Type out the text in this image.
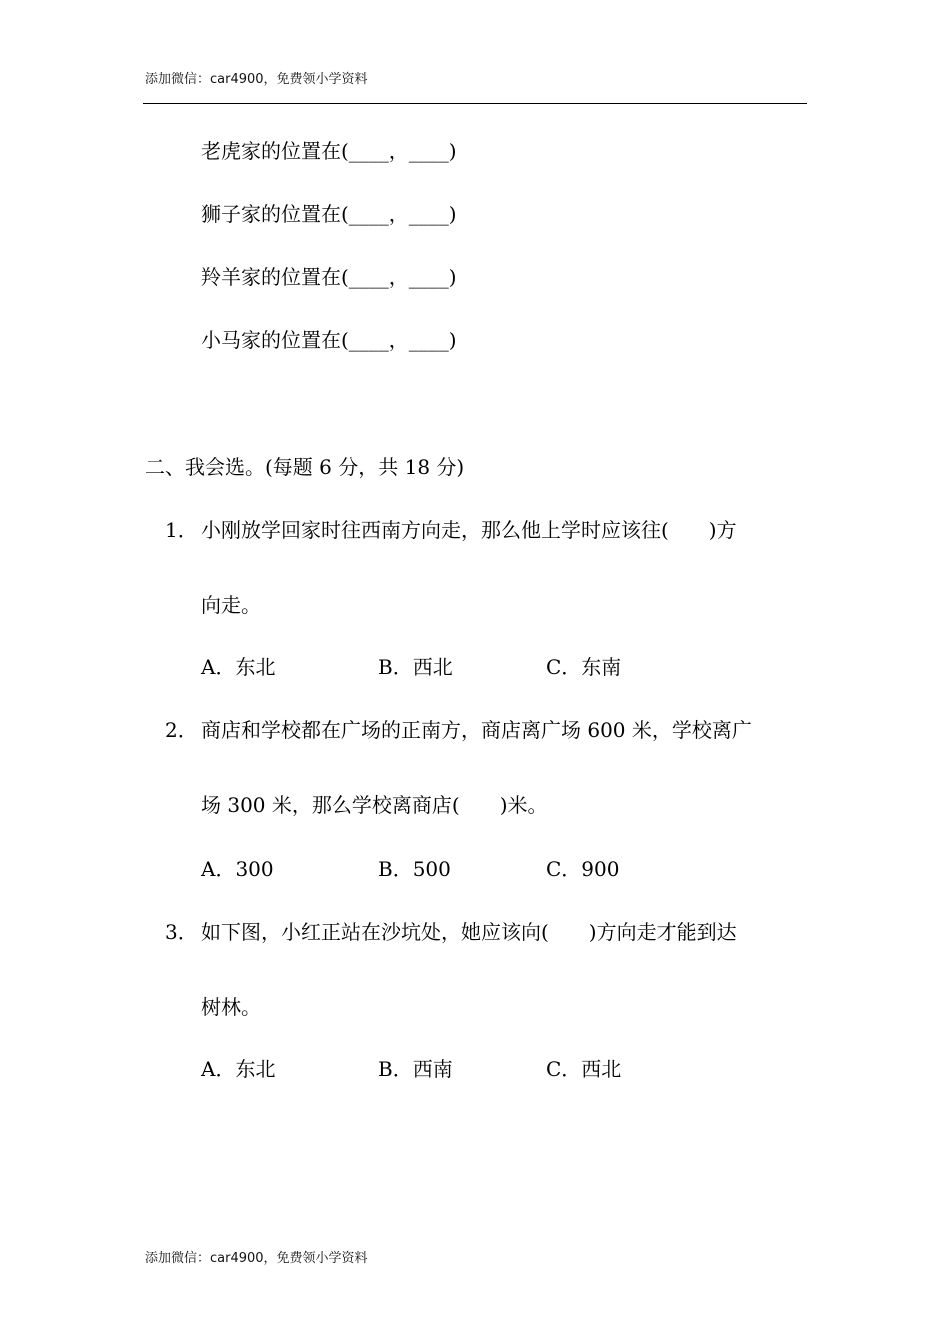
添加微信：car4900，免费领小学资料
老虎家的位置在(____，____)
狮子家的位置在(____，____)
羚羊家的位置在(____，____)
小马家的位置在(____，____)
二、我会选。(每题 6 分，共 18 分)
1． 小刚放学回家时往西南方向走，那么他上学时应该往(　　)方
向走。
A．东北	B．西北	C．东南
2． 商店和学校都在广场的正南方，商店离广场 600 米，学校离广
场 300 米，那么学校离商店(　　)米。
A．300	B．500	C．900
3． 如下图，小红正站在沙坑处，她应该向(　　)方向走才能到达
树林。
A．东北	B．西南	C．西北
添加微信：car4900，免费领小学资料
